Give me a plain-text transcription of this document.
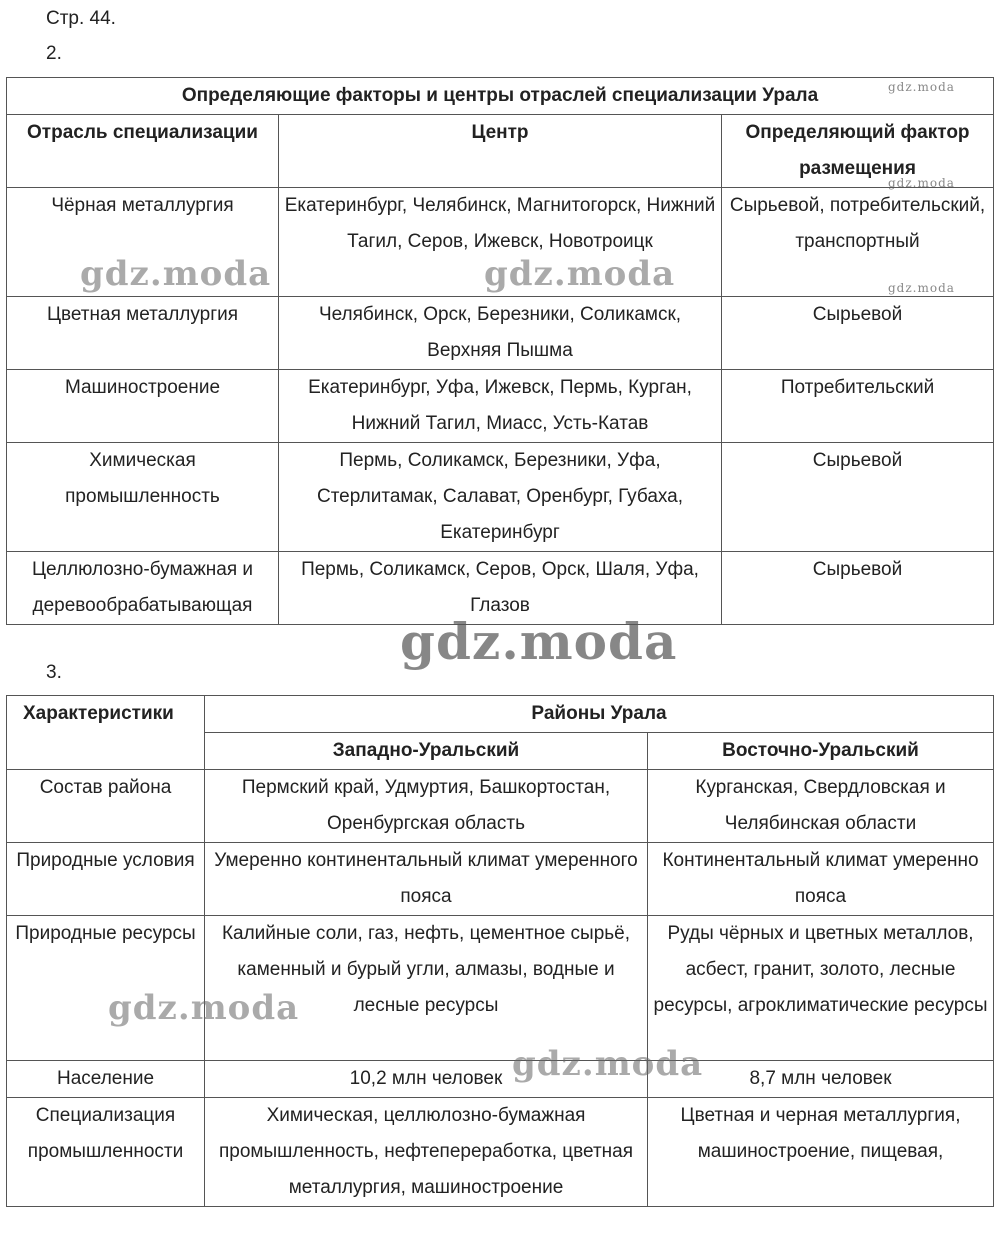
Стр. 44.
2.
Определяющие факторы и центры отраслей специализации Урала		
Отрасль специализации	Центр	Определяющий фактор размещения
Чёрная металлургия	Екатеринбург, Челябинск, Магнитогорск, Нижний Тагил, Серов, Ижевск, Новотроицк	Сырьевой, потребительский, транспортный
Цветная металлургия	Челябинск, Орск, Березники, Соликамск, Верхняя Пышма	Сырьевой
Машиностроение	Екатеринбург, Уфа, Ижевск, Пермь, Курган, Нижний Тагил, Миасс, Усть-Катав	Потребительский
Химическая промышленность	Пермь, Соликамск, Березники, Уфа, Стерлитамак, Салават, Оренбург, Губаха, Екатеринбург	Сырьевой
Целлюлозно-бумажная и деревообрабатывающая	Пермь, Соликамск, Серов, Орск, Шаля, Уфа, Глазов	Сырьевой
3.
Характеристики	Районы Урала	
	Западно-Уральский	Восточно-Уральский
Состав района	Пермский край, Удмуртия, Башкортостан, Оренбургская область	Курганская, Свердловская и Челябинская области
Природные условия	Умеренно континентальный климат умеренного пояса	Континентальный климат умеренно пояса
Природные ресурсы	Калийные соли, газ, нефть, цементное сырьё, каменный и бурый угли, алмазы, водные и лесные ресурсы	Руды чёрных и цветных металлов, асбест, гранит, золото, лесные ресурсы, агроклиматические ресурсы
Население	10,2 млн человек	8,7 млн человек
Специализация промышленности	Химическая, целлюлозно-бумажная промышленность, нефтепереработка, цветная металлургия, машиностроение	Цветная и черная металлургия, машиностроение, пищевая,
gdz.moda
gdz.moda
gdz.moda
gdz.moda	gdz.moda
gdz.moda
gdz.moda
gdz.moda
